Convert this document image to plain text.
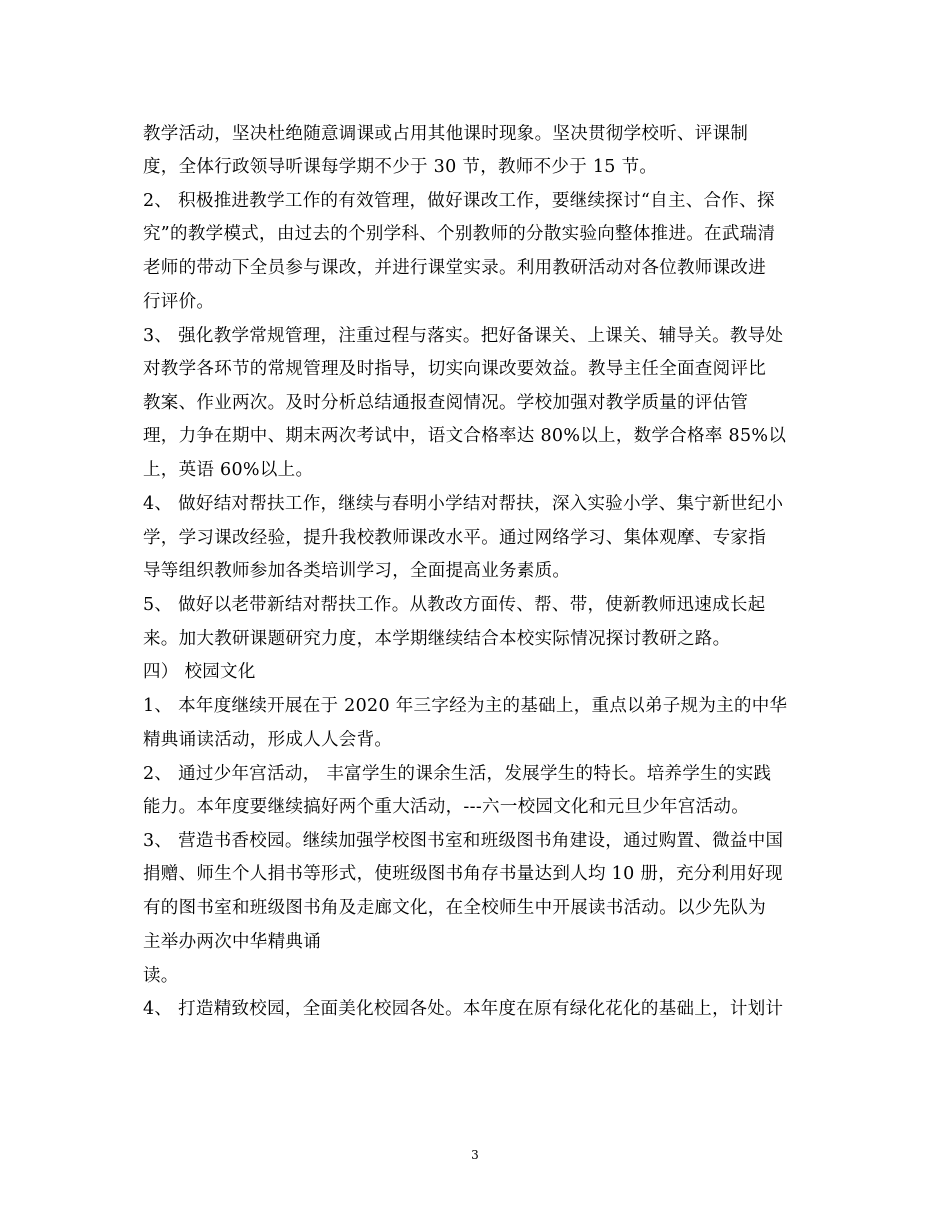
教学活动，坚决杜绝随意调课或占用其他课时现象。坚决贯彻学校听、评课制
度，全体行政领导听课每学期不少于 30 节，教师不少于 15 节。
2、 积极推进教学工作的有效管理，做好课改工作，要继续探讨“自主、合作、探
究”的教学模式，由过去的个别学科、个别教师的分散实验向整体推进。在武瑞清
老师的带动下全员参与课改，并进行课堂实录。利用教研活动对各位教师课改进
行评价。
3、 强化教学常规管理，注重过程与落实。把好备课关、上课关、辅导关。教导处
对教学各环节的常规管理及时指导，切实向课改要效益。教导主任全面查阅评比
教案、作业两次。及时分析总结通报查阅情况。学校加强对教学质量的评估管
理，力争在期中、期末两次考试中，语文合格率达 80%以上，数学合格率 85%以
上，英语 60%以上。
4、 做好结对帮扶工作，继续与春明小学结对帮扶，深入实验小学、集宁新世纪小
学，学习课改经验，提升我校教师课改水平。通过网络学习、集体观摩、专家指
导等组织教师参加各类培训学习，全面提高业务素质。
5、 做好以老带新结对帮扶工作。从教改方面传、帮、带，使新教师迅速成长起
来。加大教研课题研究力度，本学期继续结合本校实际情况探讨教研之路。
四） 校园文化
1、 本年度继续开展在于 2020 年三字经为主的基础上，重点以弟子规为主的中华
精典诵读活动，形成人人会背。
2、 通过少年宫活动， 丰富学生的课余生活，发展学生的特长。培养学生的实践
能力。本年度要继续搞好两个重大活动，---六一校园文化和元旦少年宫活动。
3、 营造书香校园。继续加强学校图书室和班级图书角建设，通过购置、微益中国
捐赠、师生个人捐书等形式，使班级图书角存书量达到人均 10 册，充分利用好现
有的图书室和班级图书角及走廊文化，在全校师生中开展读书活动。以少先队为
主举办两次中华精典诵
读。
4、 打造精致校园，全面美化校园各处。本年度在原有绿化花化的基础上，计划计
3
